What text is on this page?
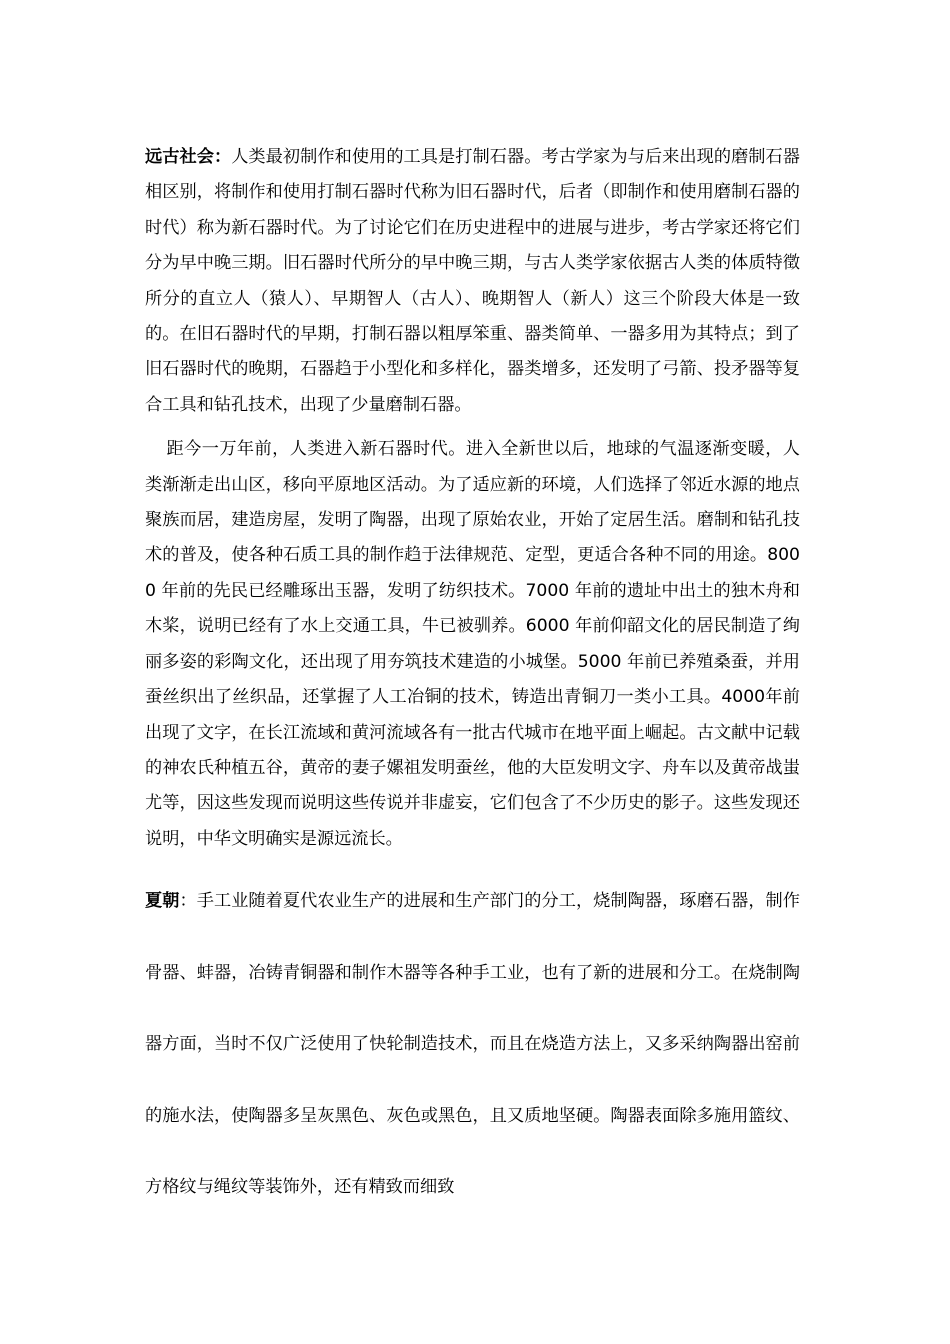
远古社会：人类最初制作和使用的工具是打制石器。考古学家为与后来出现的磨制石器相区别，将制作和使用打制石器时代称为旧石器时代，后者（即制作和使用磨制石器的时代）称为新石器时代。为了讨论它们在历史进程中的进展与进步，考古学家还将它们分为早中晚三期。旧石器时代所分的早中晚三期，与古人类学家依据古人类的体质特徵所分的直立人（猿人）、早期智人（古人）、晚期智人（新人）这三个阶段大体是一致的。在旧石器时代的早期，打制石器以粗厚笨重、器类简单、一器多用为其特点；到了旧石器时代的晚期，石器趋于小型化和多样化，器类增多，还发明了弓箭、投矛器等复合工具和钻孔技术，出现了少量磨制石器。

距今一万年前，人类进入新石器时代。进入全新世以后，地球的气温逐渐变暖，人类渐渐走出山区，移向平原地区活动。为了适应新的环境，人们选择了邻近水源的地点聚族而居，建造房屋，发明了陶器，出现了原始农业，开始了定居生活。磨制和钻孔技术的普及，使各种石质工具的制作趋于法律规范、定型，更适合各种不同的用途。8000 年前的先民已经雕琢出玉器，发明了纺织技术。7000 年前的遗址中出土的独木舟和木桨，说明已经有了水上交通工具，牛已被驯养。6000 年前仰韶文化的居民制造了绚丽多姿的彩陶文化，还出现了用夯筑技术建造的小城堡。5000 年前已养殖桑蚕，并用蚕丝织出了丝织品，还掌握了人工冶铜的技术，铸造出青铜刀一类小工具。4000年前出现了文字，在长江流域和黄河流域各有一批古代城市在地平面上崛起。古文献中记载的神农氏种植五谷，黄帝的妻子嫘祖发明蚕丝，他的大臣发明文字、舟车以及黄帝战蚩尤等，因这些发现而说明这些传说并非虚妄，它们包含了不少历史的影子。这些发现还说明，中华文明确实是源远流长。

夏朝：手工业随着夏代农业生产的进展和生产部门的分工，烧制陶器，琢磨石器，制作骨器、蚌器，冶铸青铜器和制作木器等各种手工业，也有了新的进展和分工。在烧制陶器方面，当时不仅广泛使用了快轮制造技术，而且在烧造方法上，又多采纳陶器出窑前的施水法，使陶器多呈灰黑色、灰色或黑色，且又质地坚硬。陶器表面除多施用篮纹、方格纹与绳纹等装饰外，还有精致而细致
